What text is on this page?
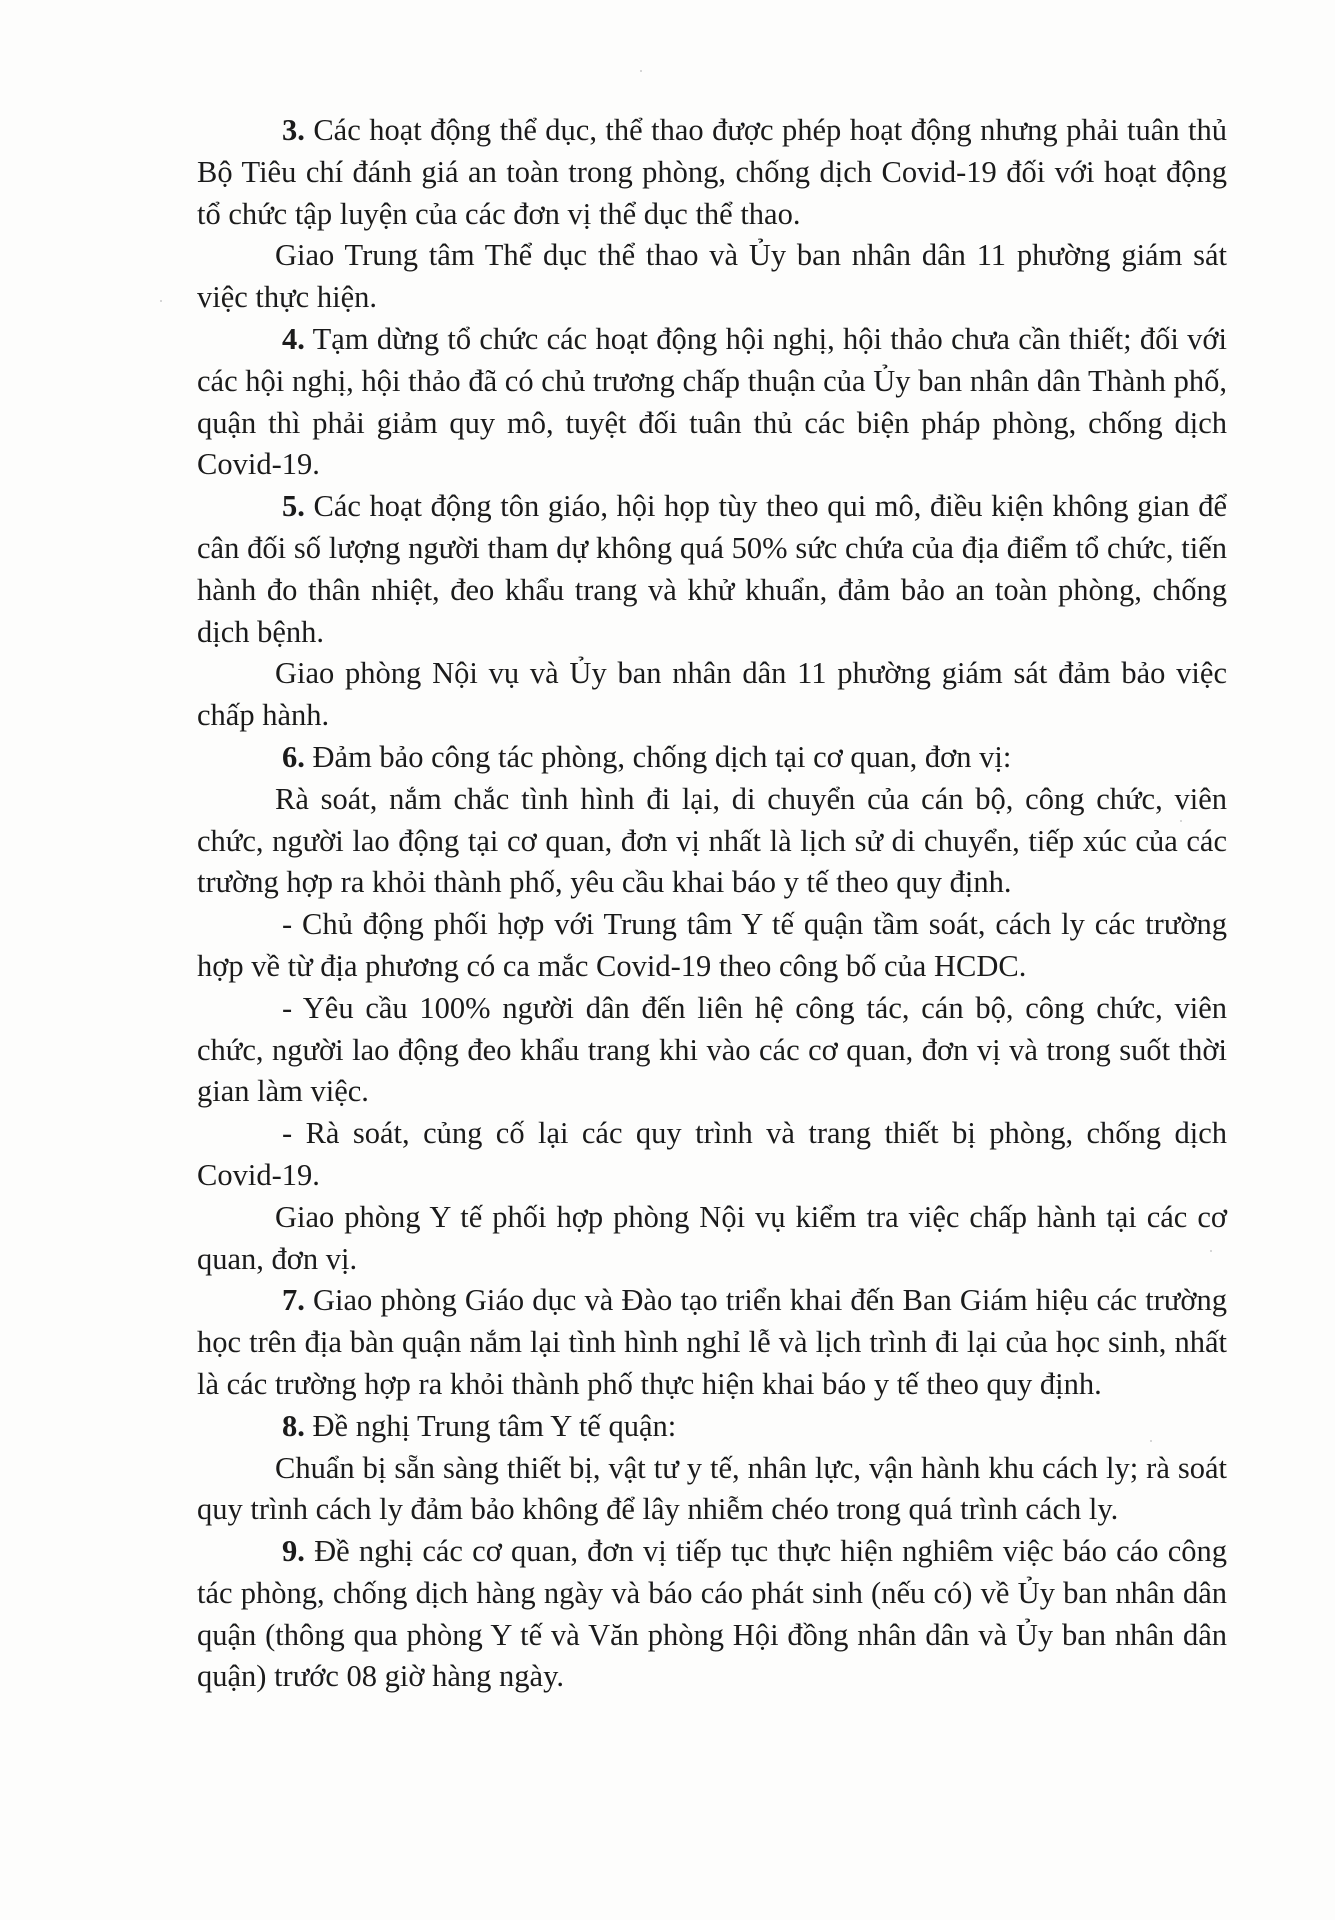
3. Các hoạt động thể dục, thể thao được phép hoạt động nhưng phải tuân thủ Bộ Tiêu chí đánh giá an toàn trong phòng, chống dịch Covid-19 đối với hoạt động tổ chức tập luyện của các đơn vị thể dục thể thao.

Giao Trung tâm Thể dục thể thao và Ủy ban nhân dân 11 phường giám sát việc thực hiện.

4. Tạm dừng tổ chức các hoạt động hội nghị, hội thảo chưa cần thiết; đối với các hội nghị, hội thảo đã có chủ trương chấp thuận của Ủy ban nhân dân Thành phố, quận thì phải giảm quy mô, tuyệt đối tuân thủ các biện pháp phòng, chống dịch Covid-19.

5. Các hoạt động tôn giáo, hội họp tùy theo qui mô, điều kiện không gian để cân đối số lượng người tham dự không quá 50% sức chứa của địa điểm tổ chức, tiến hành đo thân nhiệt, đeo khẩu trang và khử khuẩn, đảm bảo an toàn phòng, chống dịch bệnh.

Giao phòng Nội vụ và Ủy ban nhân dân 11 phường giám sát đảm bảo việc chấp hành.

6. Đảm bảo công tác phòng, chống dịch tại cơ quan, đơn vị:

Rà soát, nắm chắc tình hình đi lại, di chuyển của cán bộ, công chức, viên chức, người lao động tại cơ quan, đơn vị nhất là lịch sử di chuyển, tiếp xúc của các trường hợp ra khỏi thành phố, yêu cầu khai báo y tế theo quy định.

- Chủ động phối hợp với Trung tâm Y tế quận tầm soát, cách ly các trường hợp về từ địa phương có ca mắc Covid-19 theo công bố của HCDC.

- Yêu cầu 100% người dân đến liên hệ công tác, cán bộ, công chức, viên chức, người lao động đeo khẩu trang khi vào các cơ quan, đơn vị và trong suốt thời gian làm việc.

- Rà soát, củng cố lại các quy trình và trang thiết bị phòng, chống dịch Covid-19.

Giao phòng Y tế phối hợp phòng Nội vụ kiểm tra việc chấp hành tại các cơ quan, đơn vị.

7. Giao phòng Giáo dục và Đào tạo triển khai đến Ban Giám hiệu các trường học trên địa bàn quận nắm lại tình hình nghỉ lễ và lịch trình đi lại của học sinh, nhất là các trường hợp ra khỏi thành phố thực hiện khai báo y tế theo quy định.

8. Đề nghị Trung tâm Y tế quận:

Chuẩn bị sẵn sàng thiết bị, vật tư y tế, nhân lực, vận hành khu cách ly; rà soát quy trình cách ly đảm bảo không để lây nhiễm chéo trong quá trình cách ly.

9. Đề nghị các cơ quan, đơn vị tiếp tục thực hiện nghiêm việc báo cáo công tác phòng, chống dịch hàng ngày và báo cáo phát sinh (nếu có) về Ủy ban nhân dân quận (thông qua phòng Y tế và Văn phòng Hội đồng nhân dân và Ủy ban nhân dân quận) trước 08 giờ hàng ngày.
